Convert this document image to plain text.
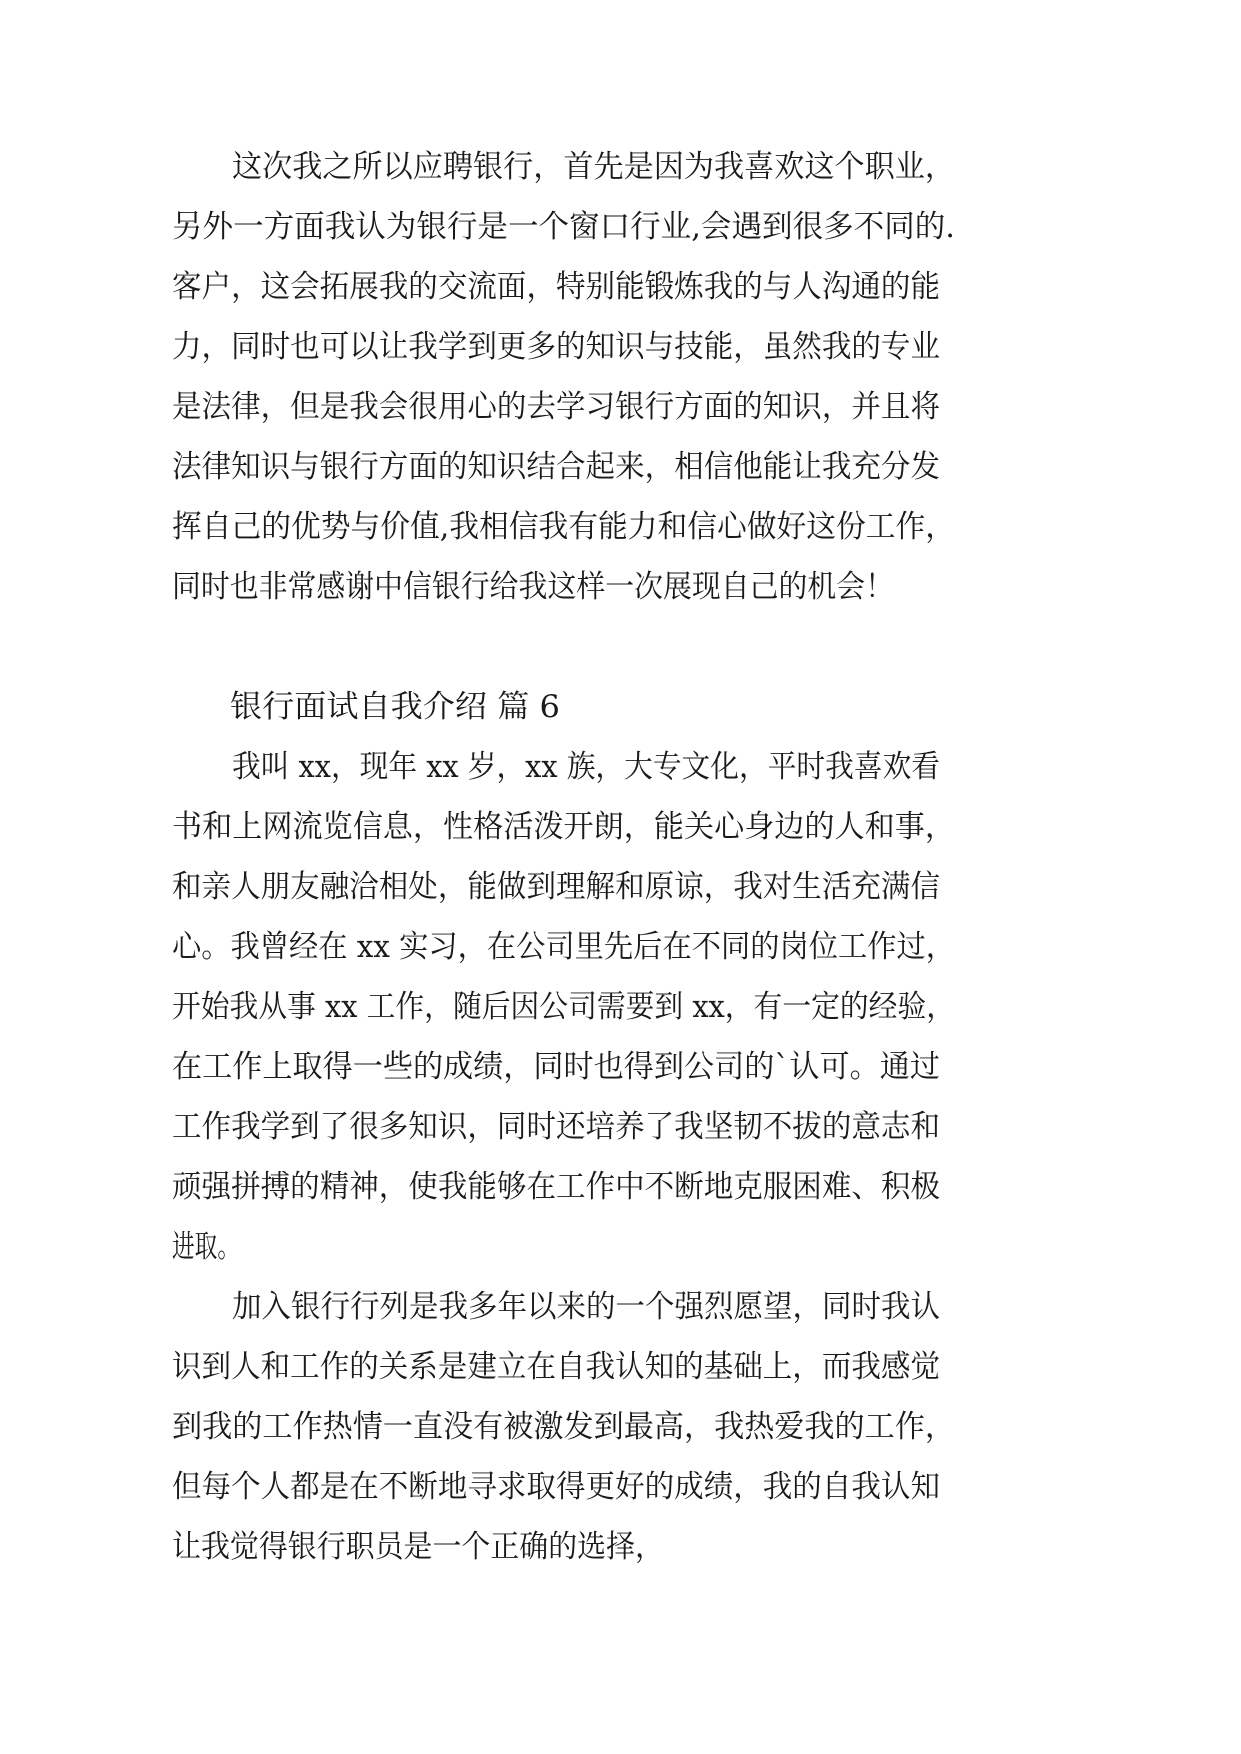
这次我之所以应聘银行，首先是因为我喜欢这个职业，
另外一方面我认为银行是一个窗口行业,会遇到很多不同的.
客户，这会拓展我的交流面，特别能锻炼我的与人沟通的能
力，同时也可以让我学到更多的知识与技能，虽然我的专业
是法律，但是我会很用心的去学习银行方面的知识，并且将
法律知识与银行方面的知识结合起来，相信他能让我充分发
挥自己的优势与价值,我相信我有能力和信心做好这份工作，
同时也非常感谢中信银行给我这样一次展现自己的机会！
银行面试自我介绍 篇 6
我叫 xx，现年 xx 岁，xx 族，大专文化，平时我喜欢看
书和上网流览信息，性格活泼开朗，能关心身边的人和事，
和亲人朋友融洽相处，能做到理解和原谅，我对生活充满信
心。我曾经在 xx 实习，在公司里先后在不同的岗位工作过，
开始我从事 xx 工作，随后因公司需要到 xx，有一定的经验，
在工作上取得一些的成绩，同时也得到公司的`认可。通过
工作我学到了很多知识，同时还培养了我坚韧不拔的意志和
顽强拼搏的精神，使我能够在工作中不断地克服困难、积极
进取。
加入银行行列是我多年以来的一个强烈愿望，同时我认
识到人和工作的关系是建立在自我认知的基础上，而我感觉
到我的工作热情一直没有被激发到最高，我热爱我的工作，
但每个人都是在不断地寻求取得更好的成绩，我的自我认知
让我觉得银行职员是一个正确的选择，
